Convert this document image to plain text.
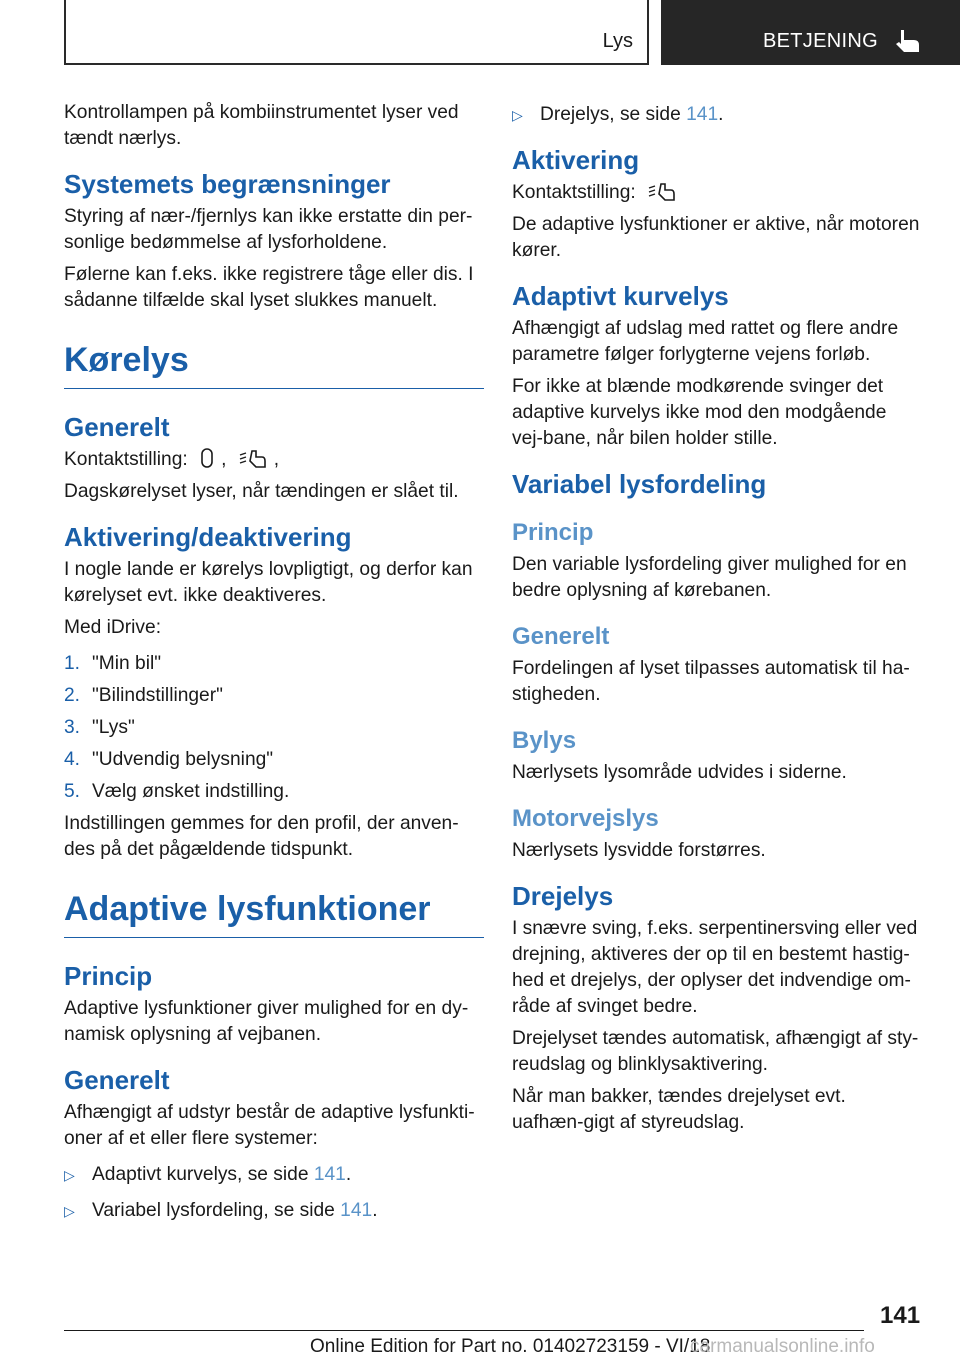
Lys	BETJENING

Kontrollampen på kombiinstrumentet lyser ved tændt nærlys.

Systemets begrænsninger

Styring af nær-/fjernlys kan ikke erstatte din per-sonlige bedømmelse af lysforholdene.

Følerne kan f.eks. ikke registrere tåge eller dis. I sådanne tilfælde skal lyset slukkes manuelt.

Kørelys
Generelt

Kontaktstilling: , ,

Dagskørelyset lyser, når tændingen er slået til.

Aktivering/deaktivering

I nogle lande er kørelys lovpligtigt, og derfor kan kørelyset evt. ikke deaktiveres.

Med iDrive:

1. "Min bil"
2. "Bilindstillinger"
3. "Lys"
4. "Udvendig belysning"
5. Vælg ønsket indstilling.

Indstillingen gemmes for den profil, der anven-des på det pågældende tidspunkt.

Adaptive lysfunktioner
Princip

Adaptive lysfunktioner giver mulighed for en dy-namisk oplysning af vejbanen.

Generelt

Afhængigt af udstyr består de adaptive lysfunkti-oner af et eller flere systemer:

▷ Adaptivt kurvelys, se side 141.
▷ Variabel lysfordeling, se side 141.
▷ Drejelys, se side 141.
Aktivering

Kontaktstilling:

De adaptive lysfunktioner er aktive, når motoren kører.

Adaptivt kurvelys

Afhængigt af udslag med rattet og flere andre parametre følger forlygterne vejens forløb.

For ikke at blænde modkørende svinger det adaptive kurvelys ikke mod den modgående vej-bane, når bilen holder stille.

Variabel lysfordeling
Princip

Den variable lysfordeling giver mulighed for en bedre oplysning af kørebanen.

Generelt

Fordelingen af lyset tilpasses automatisk til ha-stigheden.

Bylys

Nærlysets lysområde udvides i siderne.

Motorvejslys

Nærlysets lysvidde forstørres.

Drejelys

I snævre sving, f.eks. serpentinersving eller ved drejning, aktiveres der op til en bestemt hastig-hed et drejelys, der oplyser det indvendige om-råde af svinget bedre.

Drejelyset tændes automatisk, afhængigt af sty-reudslag og blinklysaktivering.

Når man bakker, tændes drejelyset evt. uafhæn-gigt af styreudslag.

141
Online Edition for Part no. 01402723159 - VI/18
carmanualsonline.info
